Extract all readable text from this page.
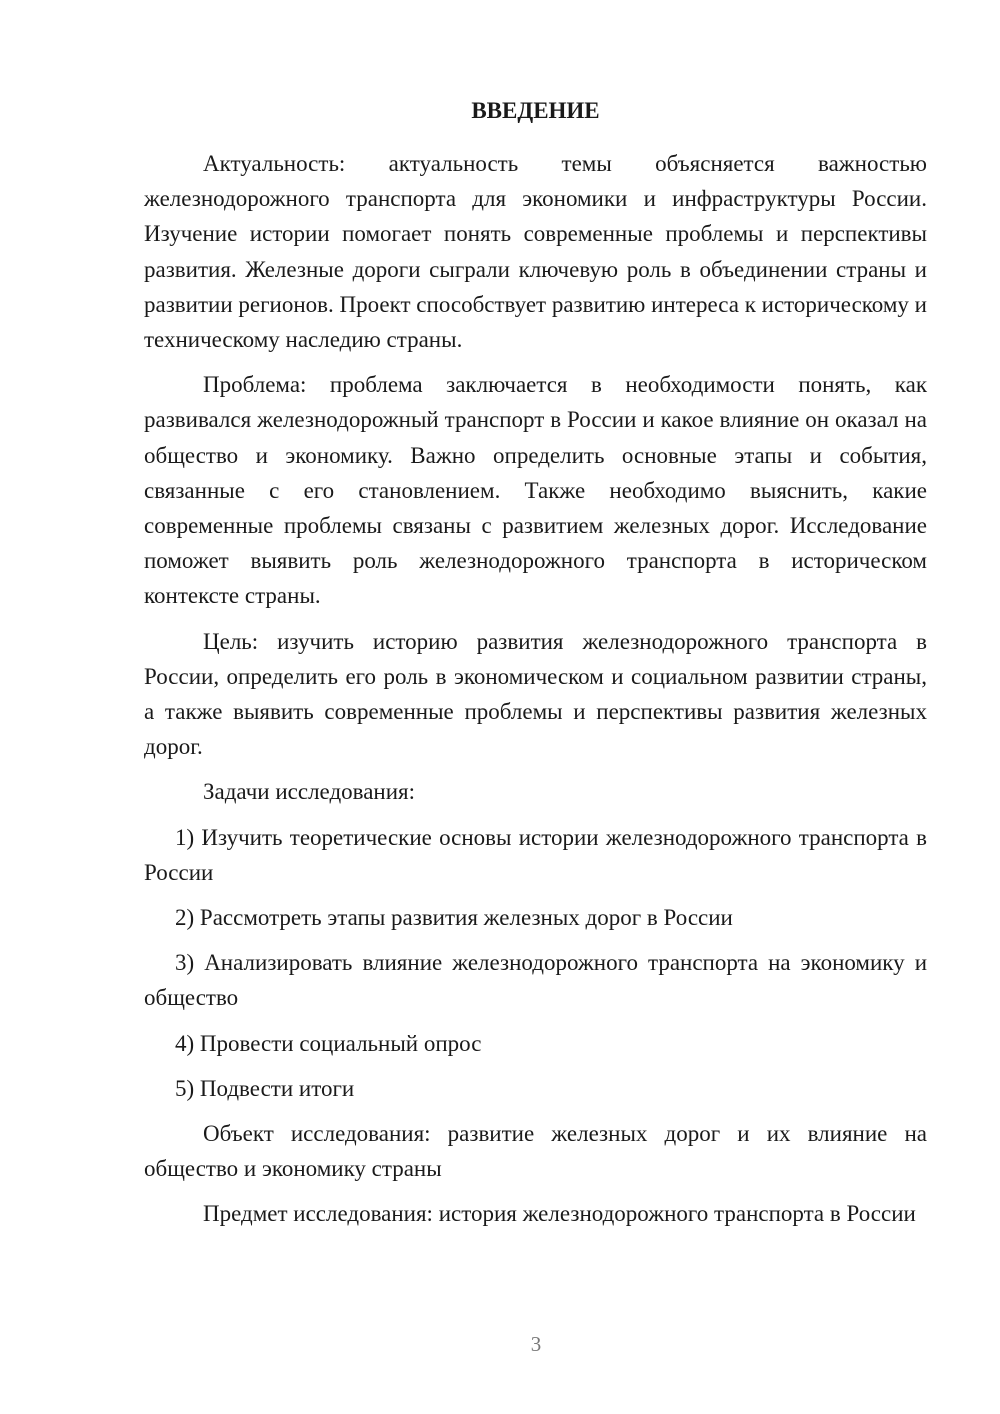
ВВЕДЕНИЕ

Актуальность: актуальность темы объясняется важностью железнодорожного транспорта для экономики и инфраструктуры России. Изучение истории помогает понять современные проблемы и перспективы развития. Железные дороги сыграли ключевую роль в объединении страны и развитии регионов. Проект способствует развитию интереса к историческому и техническому наследию страны.

Проблема: проблема заключается в необходимости понять, как развивался железнодорожный транспорт в России и какое влияние он оказал на общество и экономику. Важно определить основные этапы и события, связанные с его становлением. Также необходимо выяснить, какие современные проблемы связаны с развитием железных дорог. Исследование поможет выявить роль железнодорожного транспорта в историческом контексте страны.

Цель: изучить историю развития железнодорожного транспорта в России, определить его роль в экономическом и социальном развитии страны, а также выявить современные проблемы и перспективы развития железных дорог.

Задачи исследования:

1) Изучить теоретические основы истории железнодорожного транспорта в России

2) Рассмотреть этапы развития железных дорог в России

3) Анализировать влияние железнодорожного транспорта на экономику и общество

4) Провести социальный опрос

5) Подвести итоги

Объект исследования: развитие железных дорог и их влияние на общество и экономику страны

Предмет исследования: история железнодорожного транспорта в России

3
